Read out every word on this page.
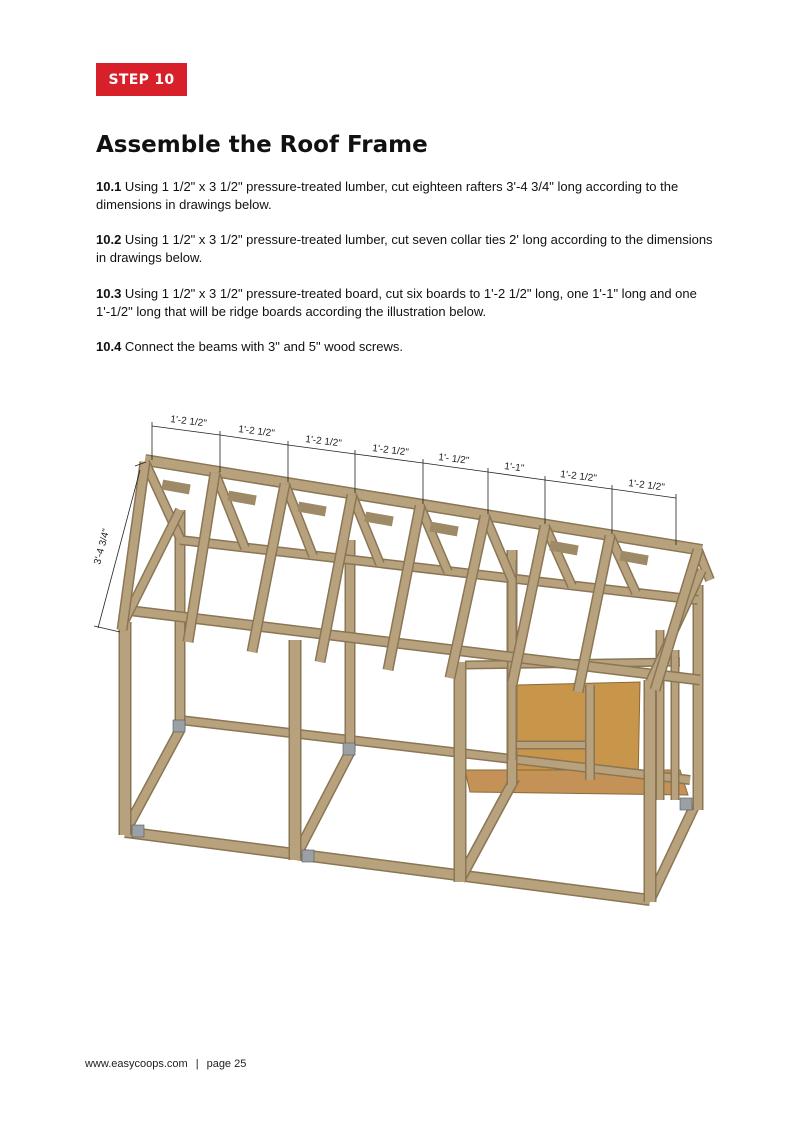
STEP 10
Assemble the Roof Frame

10.1 Using 1 1/2" x 3 1/2" pressure-treated lumber, cut eighteen rafters 3'-4 3/4" long according to the dimensions in drawings below.

10.2 Using 1 1/2" x 3 1/2" pressure-treated lumber, cut seven collar ties 2' long according to the dimensions in drawings below.

10.3 Using 1 1/2" x 3 1/2" pressure-treated board, cut six boards to 1'-2 1/2" long, one 1'-1" long and one 1'-1/2" long that will be ridge boards according the illustration below.

10.4 Connect the beams with 3" and 5" wood screws.

1'-2 1/2"
1'-2 1/2"
1'-2 1/2"
1'-2 1/2"
1'- 1/2"
1'-1"
1'-2 1/2"
1'-2 1/2"
3'-4 3/4"
www.easycoops.com | page 25
